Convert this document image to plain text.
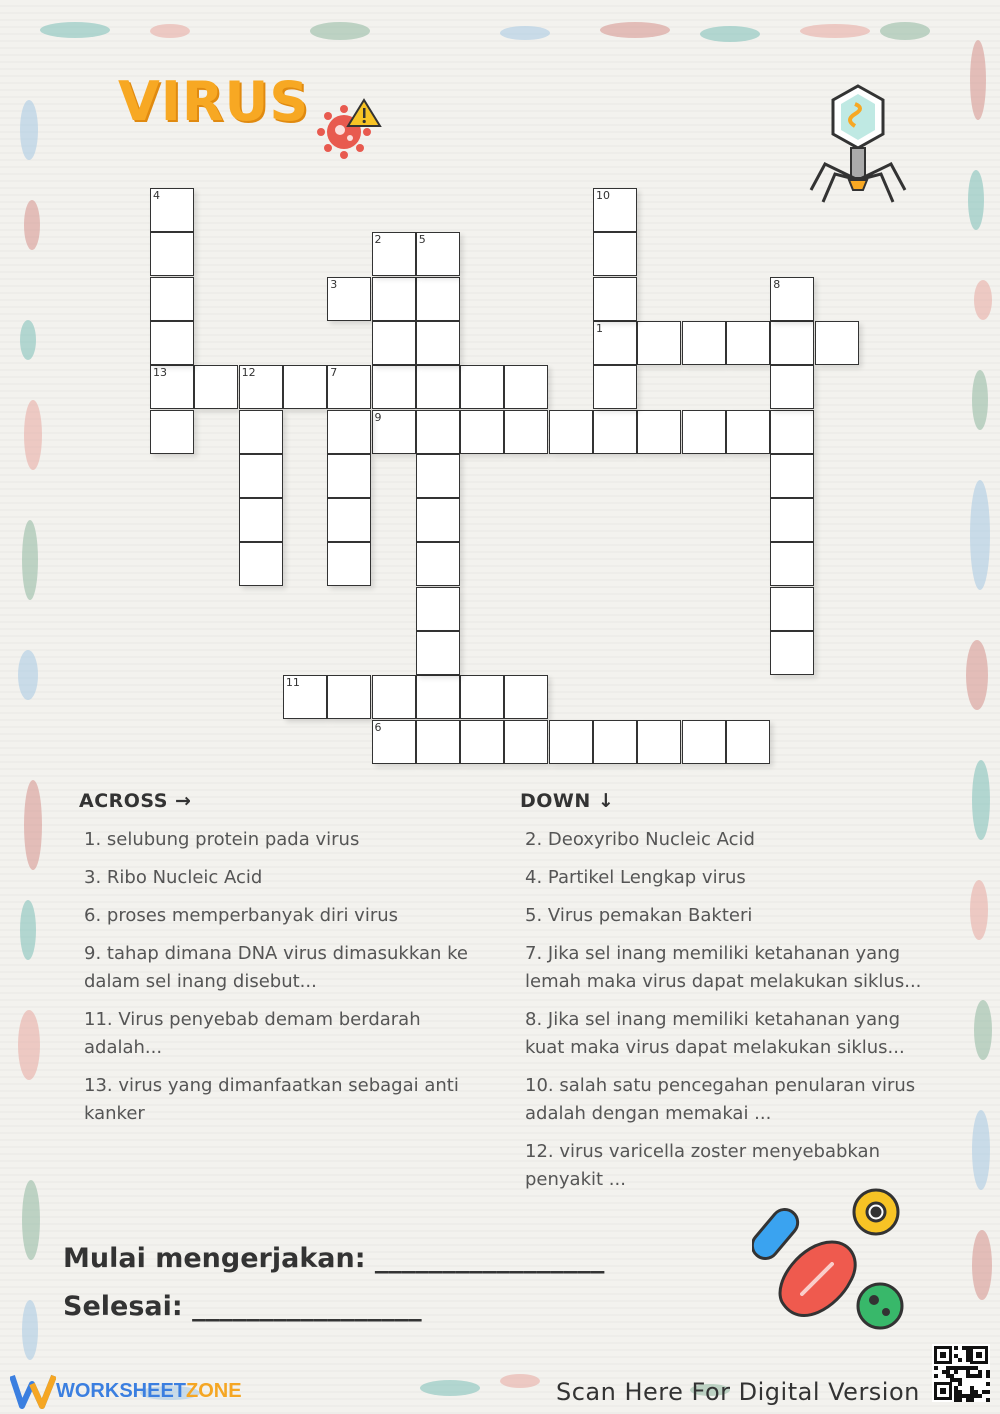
VIRUS
1
2
3
4
5
6
7
8
9
10
11
12
13
ACROSS →	DOWN ↓
1. selubung protein pada virus
3. Ribo Nucleic Acid
6. proses memperbanyak diri virus
9. tahap dimana DNA virus dimasukkan ke dalam sel inang disebut...
11. Virus penyebab demam berdarah adalah...
13. virus yang dimanfaatkan sebagai anti kanker
2. Deoxyribo Nucleic Acid
4. Partikel Lengkap virus
5. Virus pemakan Bakteri
7. Jika sel inang memiliki ketahanan yang lemah maka virus dapat melakukan siklus...
8. Jika sel inang memiliki ketahanan yang kuat maka virus dapat melakukan siklus...
10. salah satu pencegahan penularan virus adalah dengan memakai ...
12. virus varicella zoster menyebabkan penyakit ...
Mulai mengerjakan: _________________
Selesai: _________________
WORKSHEET ZONE	Scan Here For Digital Version
